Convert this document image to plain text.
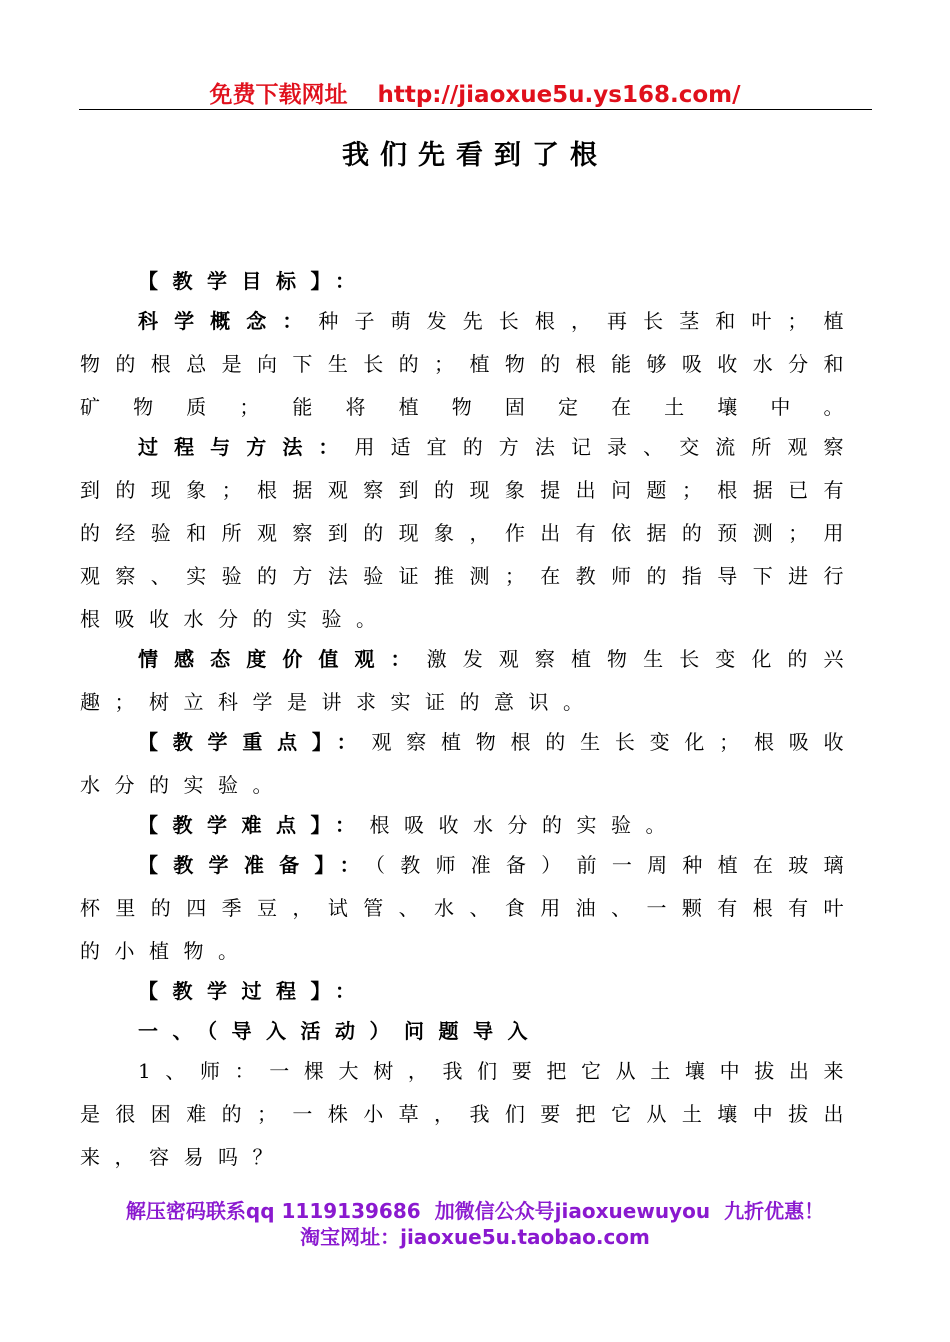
免费下载网址 http://jiaoxue5u.ys168.com/
我们先看到了根

【教学目标】：

科学概念：种子萌发先长根，再长茎和叶；植物的根总是向下生长的；植物的根能够吸收水分和矿物质；能将植物固定在土壤中。

过程与方法：用适宜的方法记录、交流所观察到的现象；根据观察到的现象提出问题；根据已有的经验和所观察到的现象，作出有依据的预测；用观察、实验的方法验证推测；在教师的指导下进行根吸收水分的实验。

情感态度价值观：激发观察植物生长变化的兴趣；树立科学是讲求实证的意识。

【教学重点】：观察植物根的生长变化；根吸收水分的实验。

【教学难点】：根吸收水分的实验。

【教学准备】：（教师准备）前一周种植在玻璃杯里的四季豆，试管、水、食用油、一颗有根有叶的小植物。

【教学过程】：

一、（导入活动）问题导入

1、师：一棵大树，我们要把它从土壤中拔出来是很困难的；一株小草，我们要把它从土壤中拔出来，容易吗？

解压密码联系qq 1119139686 加微信公众号jiaoxuewuyou 九折优惠！
淘宝网址：jiaoxue5u.taobao.com
